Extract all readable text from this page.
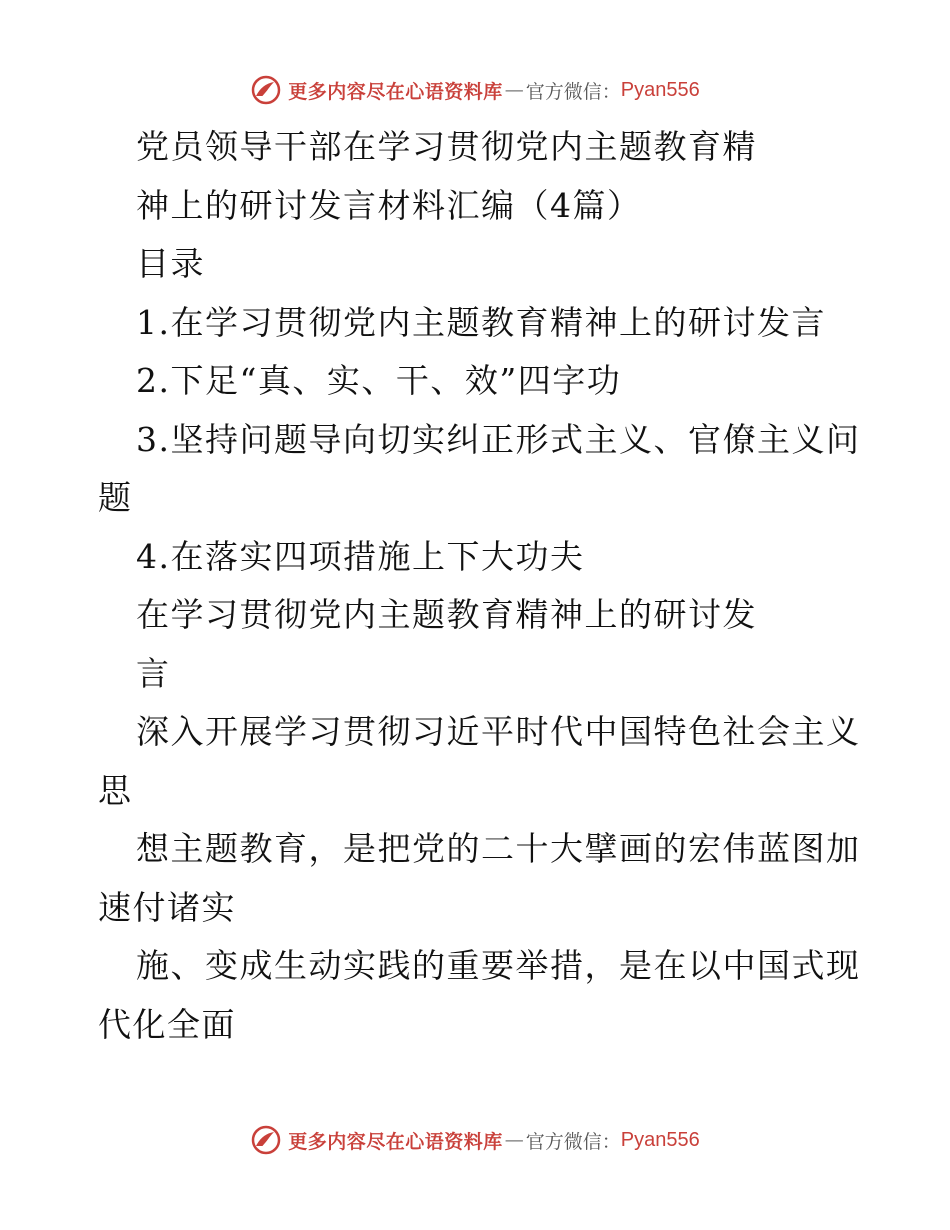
更多内容尽在心语资料库 — 官方微信： Pyan556
党员领导干部在学习贯彻党内主题教育精
神上的研讨发言材料汇编（4篇）
目录
1.在学习贯彻党内主题教育精神上的研讨发言
2.下足“真、实、干、效”四字功
3.坚持问题导向切实纠正形式主义、官僚主义问
题
4.在落实四项措施上下大功夫
在学习贯彻党内主题教育精神上的研讨发
言
深入开展学习贯彻习近平时代中国特色社会主义
思
想主题教育，是把党的二十大擘画的宏伟蓝图加
速付诸实
施、变成生动实践的重要举措，是在以中国式现
代化全面
更多内容尽在心语资料库 — 官方微信： Pyan556
